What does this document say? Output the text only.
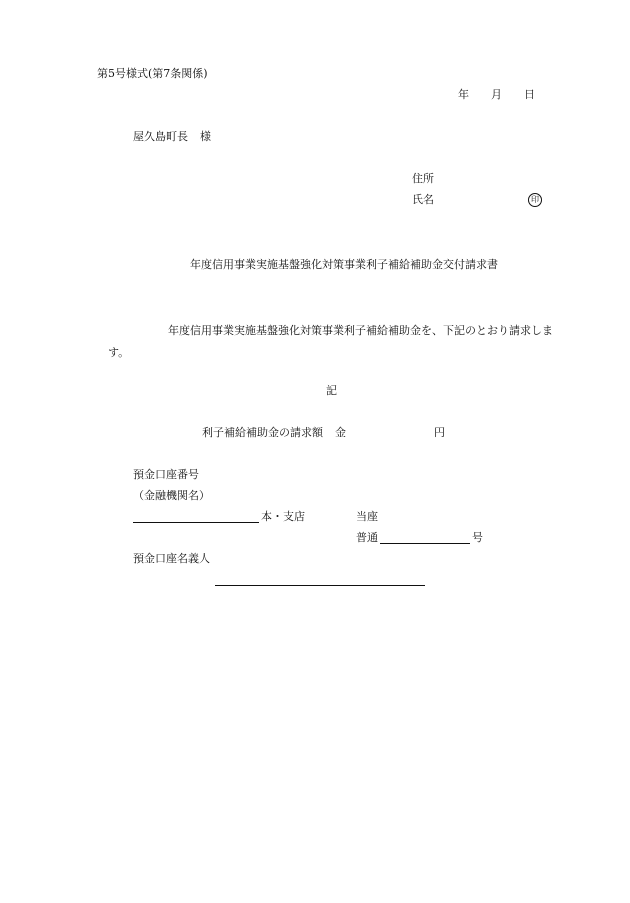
第5号様式(第7条関係)
年 月 日
屋久島町長 様
住所
氏名	印
年度信用事業実施基盤強化対策事業利子補給補助金交付請求書
年度信用事業実施基盤強化対策事業利子補給補助金を、下記のとおり請求します。
記
利子補給補助金の請求額 金	円
預金口座番号
（金融機関名）
本・支店	当座
普通	号
預金口座名義人
